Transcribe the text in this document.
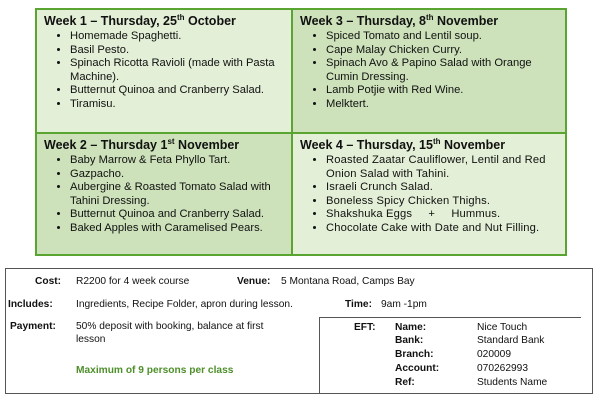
Week 1 – Thursday, 25th October
• Homemade Spaghetti.
• Basil Pesto.
• Spinach Ricotta Ravioli (made with Pasta Machine).
• Butternut Quinoa and Cranberry Salad.
• Tiramisu.
Week 3 – Thursday, 8th November
• Spiced Tomato and Lentil soup.
• Cape Malay Chicken Curry.
• Spinach Avo & Papino Salad with Orange Cumin Dressing.
• Lamb Potjie with Red Wine.
• Melktert.
Week 2 – Thursday 1st November
• Baby Marrow & Feta Phyllo Tart.
• Gazpacho.
• Aubergine & Roasted Tomato Salad with Tahini Dressing.
• Butternut Quinoa and Cranberry Salad.
• Baked Apples with Caramelised Pears.
Week 4 – Thursday, 15th November
• Roasted Zaatar Cauliflower, Lentil and Red Onion Salad with Tahini.
• Israeli Crunch Salad.
• Boneless Spicy Chicken Thighs.
• Shakshuka Eggs     +     Hummus.
• Chocolate Cake with Date and Nut Filling.
Cost: R2200 for 4 week course	Venue: 5 Montana Road, Camps Bay
Includes: Ingredients, Recipe Folder, apron during lesson.	Time: 9am -1pm
Payment: 50% deposit with booking, balance at first
lesson
Maximum of 9 persons per class
EFT: Name:	Nice Touch
Bank:	Standard Bank
Branch:	020009
Account:	070262993
Ref:	Students Name
